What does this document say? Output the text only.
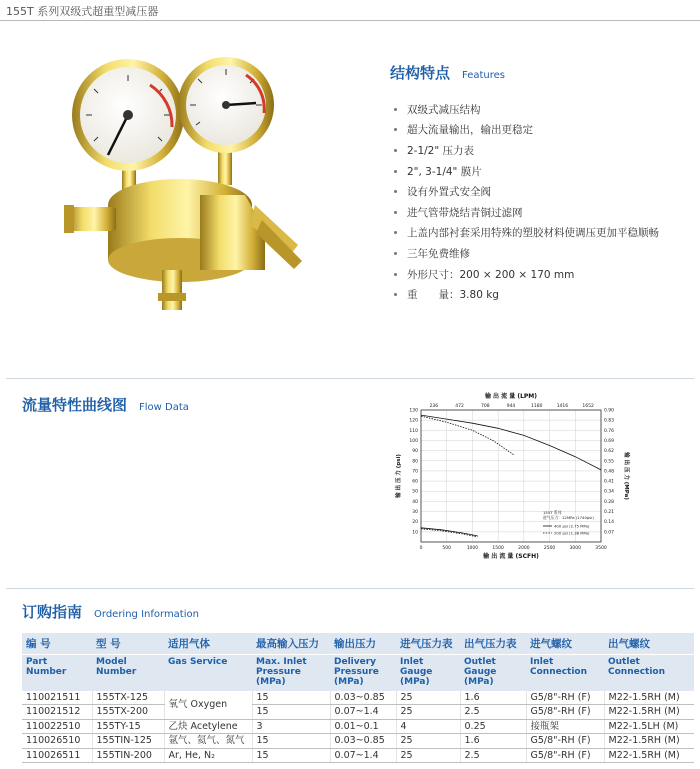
155T 系列双级式超重型减压器
结构特点 Features
双级式减压结构
超大流量输出，输出更稳定
2-1/2" 压力表
2", 3-1/4" 膜片
设有外置式安全阀
进气管带烧结青铜过滤网
上盖内部衬套采用特殊的塑胶材料使调压更加平稳顺畅
三年免费维修
外形尺寸：200 × 200 × 170 mm
重　　量：3.80 kg
流量特性曲线图 Flow Data
0	500	1000	1500	2000	2500	3000	3500
236	472	708	944	1180	1416	1652
10
20
30
40
50
60
70
80
90
100
110
120
130
0.07
0.14
0.21
0.28
0.34
0.41
0.48
0.55
0.62
0.69
0.76
0.83
0.90
输 出 流 量 (SCFH)
输 出 流 量 (LPM)
输 出 压 力 (psi)	输 出 压 力 (MPa)
155T 系列
进气压力：12MPa (1740psi)
400 psi (2.75 MPa)
200 psi (1.38 MPa)
订购指南 Ordering Information
编 号	型 号	适用气体	最高输入压力	输出压力	进气压力表	出气压力表	进气螺纹	出气螺纹
Part Number	Model Number	Gas Service	Max. Inlet Pressure (MPa)	Delivery Pressure (MPa)	Inlet Gauge (MPa)	Outlet Gauge (MPa)	Inlet Connection	Outlet Connection
110021511	155TX-125	氧气 Oxygen	15	0.03~0.85	25	1.6	G5/8"-RH (F)	M22-1.5RH (M)
110021512	155TX-200		15	0.07~1.4	25	2.5	G5/8"-RH (F)	M22-1.5RH (M)
110022510	155TY-15	乙炔 Acetylene	3	0.01~0.1	4	0.25	接瓶架	M22-1.5LH (M)
110026510	155TIN-125	氩气、氦气、氮气	15	0.03~0.85	25	1.6	G5/8"-RH (F)	M22-1.5RH (M)
110026511	155TIN-200	Ar, He, N₂	15	0.07~1.4	25	2.5	G5/8"-RH (F)	M22-1.5RH (M)
